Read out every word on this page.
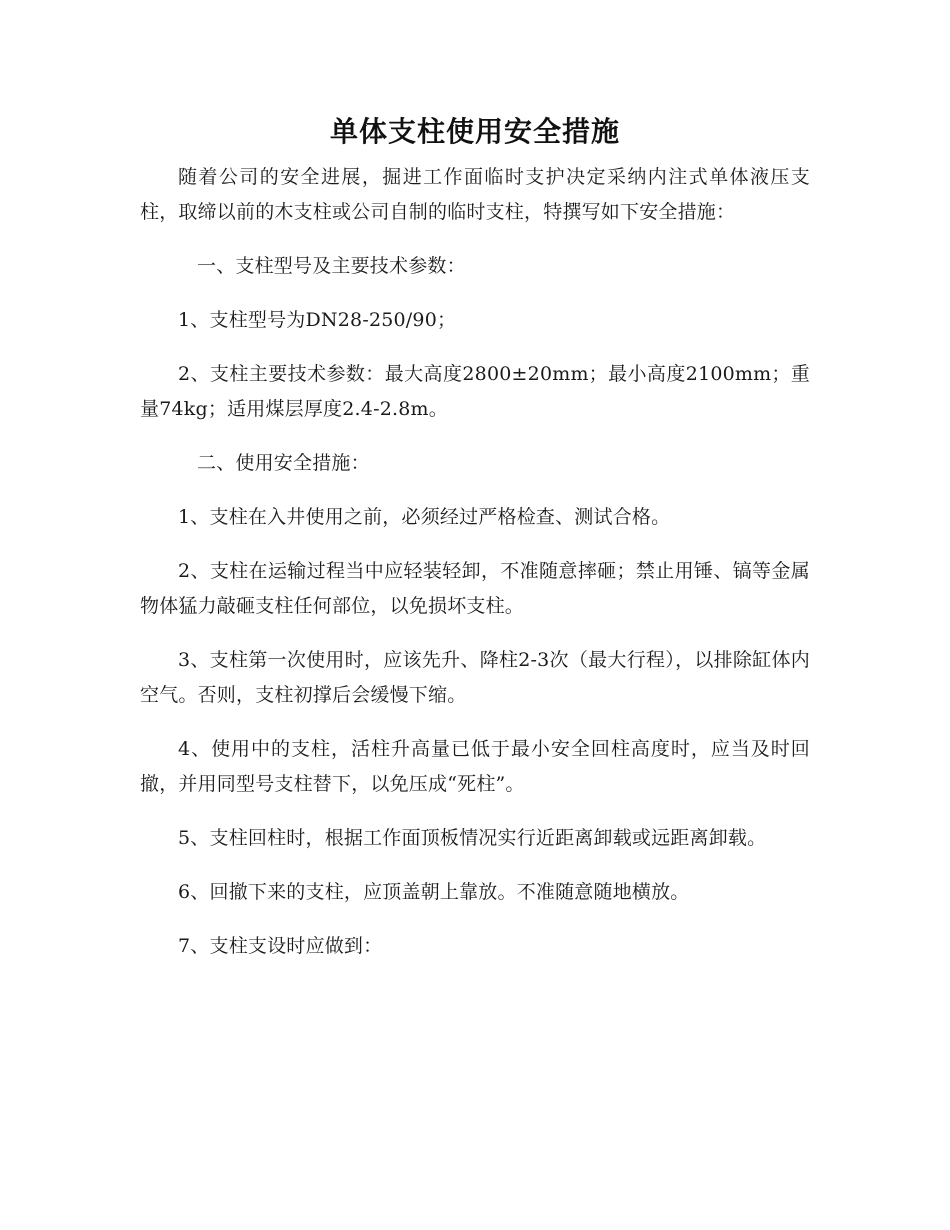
单体支柱使用安全措施

随着公司的安全进展，掘进工作面临时支护决定采纳内注式单体液压支柱，取缔以前的木支柱或公司自制的临时支柱，特撰写如下安全措施：

一、支柱型号及主要技术参数：

1、支柱型号为DN28-250/90；

2、支柱主要技术参数：最大高度2800±20mm；最小高度2100mm；重量74kg；适用煤层厚度2.4-2.8m。

二、使用安全措施：

1、支柱在入井使用之前，必须经过严格检查、测试合格。

2、支柱在运输过程当中应轻装轻卸，不准随意摔砸；禁止用锤、镐等金属物体猛力敲砸支柱任何部位，以免损坏支柱。

3、支柱第一次使用时，应该先升、降柱2-3次（最大行程），以排除缸体内空气。否则，支柱初撑后会缓慢下缩。

4、使用中的支柱，活柱升高量已低于最小安全回柱高度时，应当及时回撤，并用同型号支柱替下，以免压成“死柱”。

5、支柱回柱时，根据工作面顶板情况实行近距离卸载或远距离卸载。

6、回撤下来的支柱，应顶盖朝上靠放。不准随意随地横放。

7、支柱支设时应做到：
